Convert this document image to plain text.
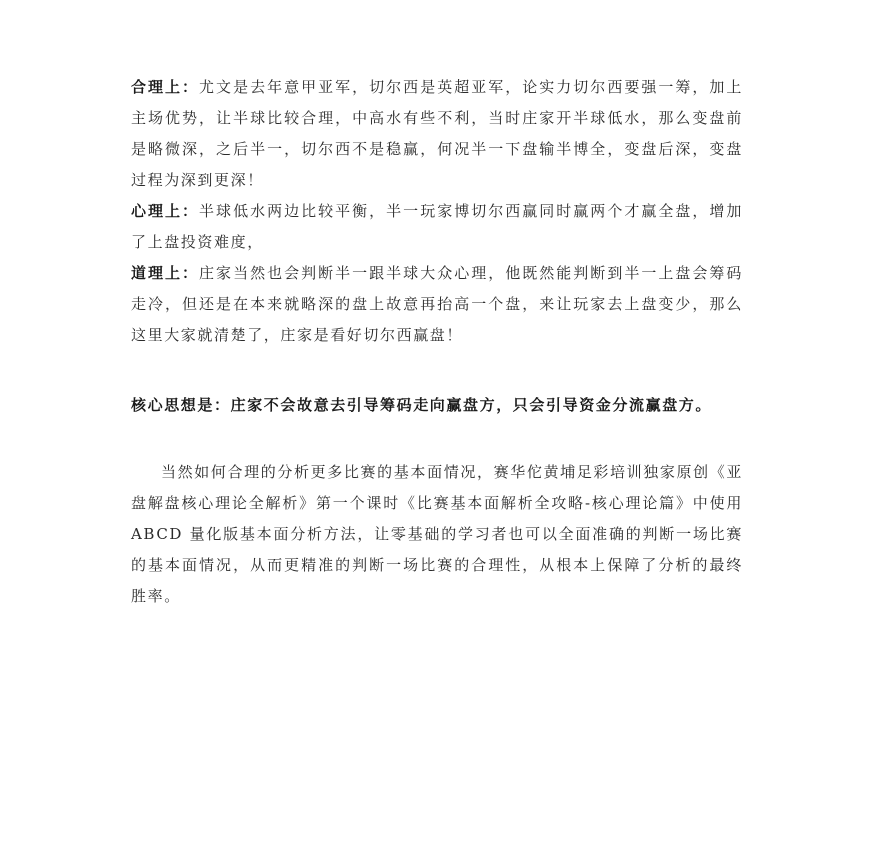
合理上：尤文是去年意甲亚军，切尔西是英超亚军，论实力切尔西要强一筹，加上主场优势，让半球比较合理，中高水有些不利，当时庄家开半球低水，那么变盘前是略微深，之后半一，切尔西不是稳赢，何况半一下盘输半博全，变盘后深，变盘过程为深到更深！

心理上：半球低水两边比较平衡，半一玩家博切尔西赢同时赢两个才赢全盘，增加了上盘投资难度，

道理上：庄家当然也会判断半一跟半球大众心理，他既然能判断到半一上盘会筹码走冷，但还是在本来就略深的盘上故意再抬高一个盘，来让玩家去上盘变少，那么这里大家就清楚了，庄家是看好切尔西赢盘！

核心思想是：庄家不会故意去引导筹码走向赢盘方，只会引导资金分流赢盘方。

当然如何合理的分析更多比赛的基本面情况，赛华佗黄埔足彩培训独家原创《亚盘解盘核心理论全解析》第一个课时《比赛基本面解析全攻略-核心理论篇》中使用 ABCD 量化版基本面分析方法，让零基础的学习者也可以全面准确的判断一场比赛的基本面情况，从而更精准的判断一场比赛的合理性，从根本上保障了分析的最终胜率。
